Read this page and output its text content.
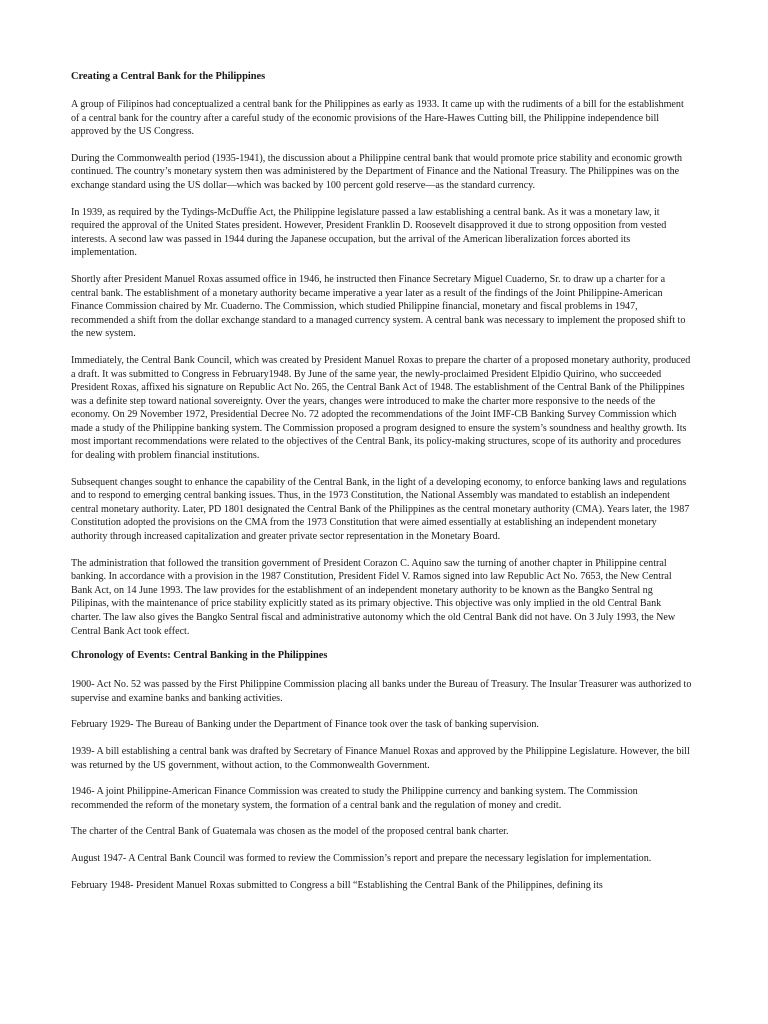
Creating a Central Bank for the Philippines

A group of Filipinos had conceptualized a central bank for the Philippines as early as 1933. It came up with the rudiments of a bill for the establishment of a central bank for the country after a careful study of the economic provisions of the Hare-Hawes Cutting bill, the Philippine independence bill approved by the US Congress.

During the Commonwealth period (1935-1941), the discussion about a Philippine central bank that would promote price stability and economic growth continued. The country’s monetary system then was administered by the Department of Finance and the National Treasury. The Philippines was on the exchange standard using the US dollar—which was backed by 100 percent gold reserve—as the standard currency.

In 1939, as required by the Tydings-McDuffie Act, the Philippine legislature passed a law establishing a central bank. As it was a monetary law, it required the approval of the United States president. However, President Franklin D. Roosevelt disapproved it due to strong opposition from vested interests. A second law was passed in 1944 during the Japanese occupation, but the arrival of the American liberalization forces aborted its implementation.

Shortly after President Manuel Roxas assumed office in 1946, he instructed then Finance Secretary Miguel Cuaderno, Sr. to draw up a charter for a central bank. The establishment of a monetary authority became imperative a year later as a result of the findings of the Joint Philippine-American Finance Commission chaired by Mr. Cuaderno. The Commission, which studied Philippine financial, monetary and fiscal problems in 1947, recommended a shift from the dollar exchange standard to a managed currency system. A central bank was necessary to implement the proposed shift to the new system.

Immediately, the Central Bank Council, which was created by President Manuel Roxas to prepare the charter of a proposed monetary authority, produced a draft. It was submitted to Congress in February1948. By June of the same year, the newly-proclaimed President Elpidio Quirino, who succeeded President Roxas, affixed his signature on Republic Act No. 265, the Central Bank Act of 1948. The establishment of the Central Bank of the Philippines was a definite step toward national sovereignty. Over the years, changes were introduced to make the charter more responsive to the needs of the economy. On 29 November 1972, Presidential Decree No. 72 adopted the recommendations of the Joint IMF-CB Banking Survey Commission which made a study of the Philippine banking system. The Commission proposed a program designed to ensure the system’s soundness and healthy growth. Its most important recommendations were related to the objectives of the Central Bank, its policy-making structures, scope of its authority and procedures for dealing with problem financial institutions.

Subsequent changes sought to enhance the capability of the Central Bank, in the light of a developing economy, to enforce banking laws and regulations and to respond to emerging central banking issues. Thus, in the 1973 Constitution, the National Assembly was mandated to establish an independent central monetary authority. Later, PD 1801 designated the Central Bank of the Philippines as the central monetary authority (CMA). Years later, the 1987 Constitution adopted the provisions on the CMA from the 1973 Constitution that were aimed essentially at establishing an independent monetary authority through increased capitalization and greater private sector representation in the Monetary Board.

The administration that followed the transition government of President Corazon C. Aquino saw the turning of another chapter in Philippine central banking. In accordance with a provision in the 1987 Constitution, President Fidel V. Ramos signed into law Republic Act No. 7653, the New Central Bank Act, on 14 June 1993. The law provides for the establishment of an independent monetary authority to be known as the Bangko Sentral ng Pilipinas, with the maintenance of price stability explicitly stated as its primary objective. This objective was only implied in the old Central Bank charter. The law also gives the Bangko Sentral fiscal and administrative autonomy which the old Central Bank did not have. On 3 July 1993, the New Central Bank Act took effect.

Chronology of Events: Central Banking in the Philippines

1900- Act No. 52 was passed by the First Philippine Commission placing all banks under the Bureau of Treasury. The Insular Treasurer was authorized to supervise and examine banks and banking activities.

February 1929- The Bureau of Banking under the Department of Finance took over the task of banking supervision.

1939- A bill establishing a central bank was drafted by Secretary of Finance Manuel Roxas and approved by the Philippine Legislature. However, the bill was returned by the US government, without action, to the Commonwealth Government.

1946- A joint Philippine-American Finance Commission was created to study the Philippine currency and banking system. The Commission recommended the reform of the monetary system, the formation of a central bank and the regulation of money and credit.

The charter of the Central Bank of Guatemala was chosen as the model of the proposed central bank charter.

August 1947- A Central Bank Council was formed to review the Commission’s report and prepare the necessary legislation for implementation.

February 1948- President Manuel Roxas submitted to Congress a bill “Establishing the Central Bank of the Philippines, defining its
